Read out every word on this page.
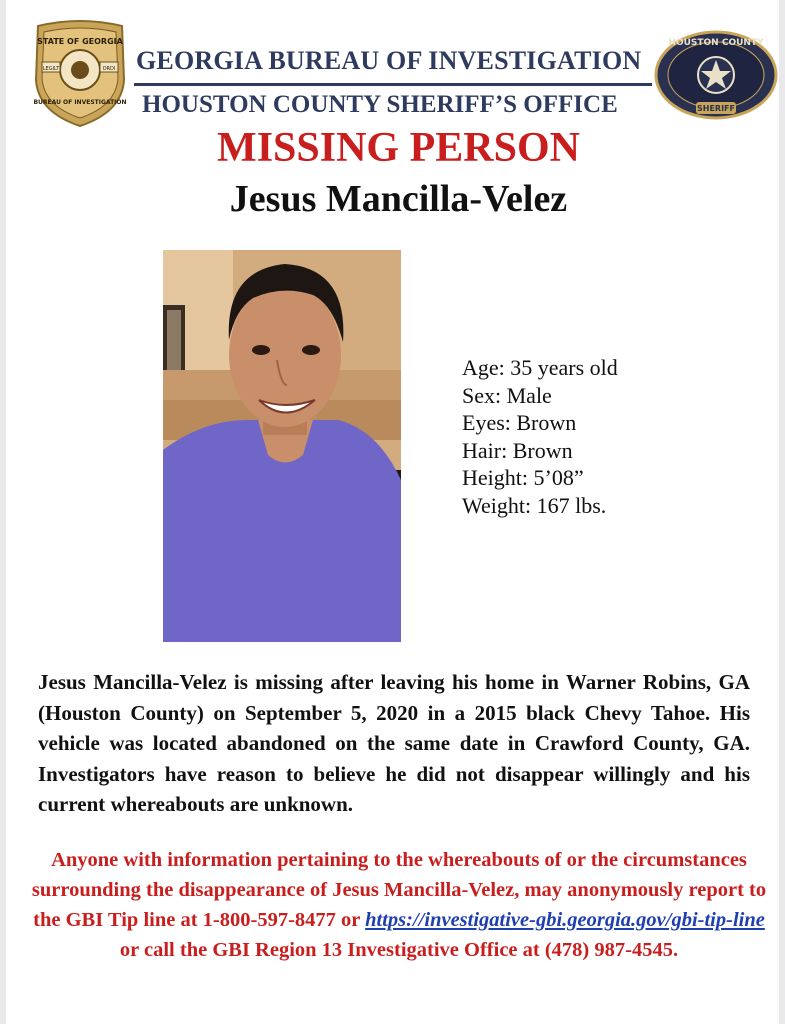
STATE OF GEORGIA
LEGILT	ORDI
BUREAU OF INVESTIGATION
HOUSTON COUNTY
SHERIFF
GEORGIA BUREAU OF INVESTIGATION
HOUSTON COUNTY SHERIFF’S OFFICE
MISSING PERSON
Jesus Mancilla-Velez
Age: 35 years old
Sex: Male
Eyes: Brown
Hair: Brown
Height: 5’08”
Weight: 167 lbs.
Jesus Mancilla-Velez is missing after leaving his home in Warner Robins, GA (Houston County) on September 5, 2020 in a 2015 black Chevy Tahoe. His vehicle was located abandoned on the same date in Crawford County, GA. Investigators have reason to believe he did not disappear willingly and his current whereabouts are unknown.
Anyone with information pertaining to the whereabouts of or the circumstances surrounding the disappearance of Jesus Mancilla-Velez, may anonymously report to the GBI Tip line at 1-800-597-8477 or https://investigative-gbi.georgia.gov/gbi-tip-line or call the GBI Region 13 Investigative Office at (478) 987-4545.
